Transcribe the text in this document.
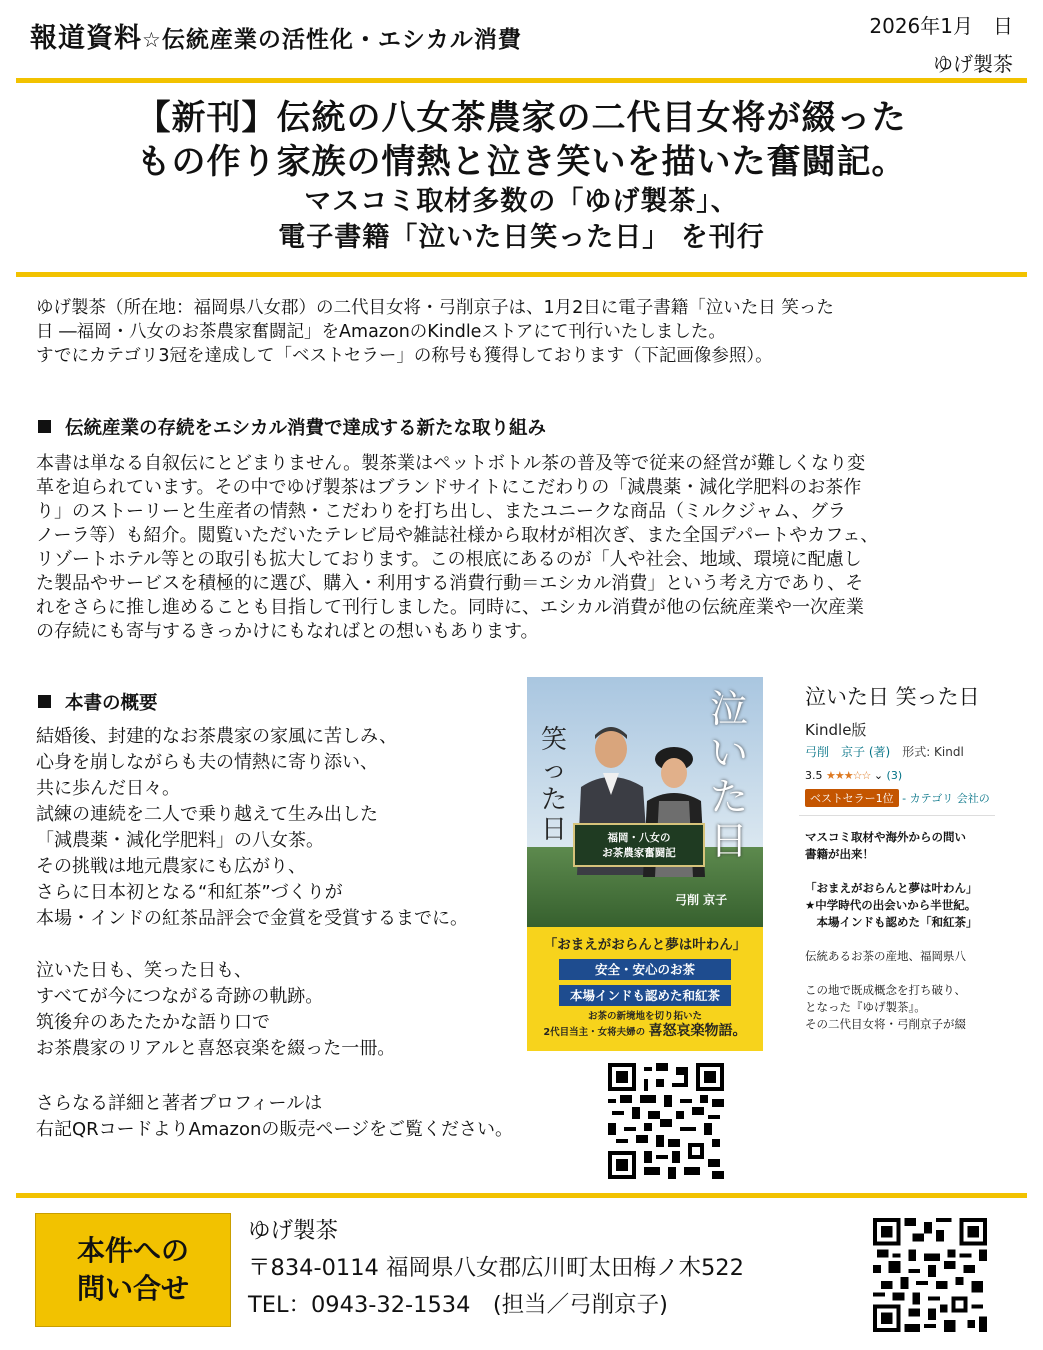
報道資料☆伝統産業の活性化・エシカル消費
2026年1月　日
ゆげ製茶
【新刊】伝統の八女茶農家の二代目女将が綴った
もの作り家族の情熱と泣き笑いを描いた奮闘記。
マスコミ取材多数の「ゆげ製茶」、
電子書籍「泣いた日笑った日」 を刊行

ゆげ製茶（所在地：福岡県八女郡）の二代目女将・弓削京子は、1月2日に電子書籍「泣いた日 笑った

日 ―福岡・八女のお茶農家奮闘記」をAmazonのKindleストアにて刊行いたしました。

すでにカテゴリ3冠を達成して「ベストセラー」の称号も獲得しております（下記画像参照）。

伝統産業の存続をエシカル消費で達成する新たな取り組み

本書は単なる自叙伝にとどまりません。製茶業はペットボトル茶の普及等で従来の経営が難しくなり変

革を迫られています。その中でゆげ製茶はブランドサイトにこだわりの「減農薬・減化学肥料のお茶作

り」のストーリーと生産者の情熱・こだわりを打ち出し、またユニークな商品（ミルクジャム、グラ

ノーラ等）も紹介。閲覧いただいたテレビ局や雑誌社様から取材が相次ぎ、また全国デパートやカフェ、

リゾートホテル等との取引も拡大しております。この根底にあるのが「人や社会、地域、環境に配慮し

た製品やサービスを積極的に選び、購入・利用する消費行動＝エシカル消費」という考え方であり、そ

れをさらに推し進めることも目指して刊行しました。同時に、エシカル消費が他の伝統産業や一次産業

の存続にも寄与するきっかけにもなればとの想いもあります。

本書の概要

結婚後、封建的なお茶農家の家風に苦しみ、

心身を崩しながらも夫の情熱に寄り添い、

共に歩んだ日々。

試練の連続を二人で乗り越えて生み出した

「減農薬・減化学肥料」の八女茶。

その挑戦は地元農家にも広がり、

さらに日本初となる“和紅茶”づくりが

本場・インドの紅茶品評会で金賞を受賞するまでに。

泣いた日も、笑った日も、

すべてが今につながる奇跡の軌跡。

筑後弁のあたたかな語り口で

お茶農家のリアルと喜怒哀楽を綴った一冊。

さらなる詳細と著者プロフィールは

右記QRコードよりAmazonの販売ページをご覧ください。

泣いた日
笑った日	福岡・八女の
お茶農家奮闘記
弓削 京子
「おまえがおらんと夢は叶わん」
安全・安心のお茶
本場インドも認めた和紅茶
お茶の新境地を切り拓いた
2代目当主・女将夫婦の 喜怒哀楽物語。
泣いた日 笑った日
Kindle版
弓削　京子 (著)　 形式: Kindl
3.5 ★★★☆☆ ⌄ (3)
ベストセラー1位 - カテゴリ 会社の

マスコミ取材や海外からの問い

書籍が出来！

「おまえがおらんと夢は叶わん」

★中学時代の出会いから半世紀。

　本場インドも認めた「和紅茶」

伝統あるお茶の産地、福岡県八

この地で既成概念を打ち破り、

となった『ゆげ製茶』。

その二代目女将・弓削京子が綴

本件への
問い合せ
ゆげ製茶
〒834-0114 福岡県八女郡広川町太田梅ノ木522
TEL：0943-32-1534　(担当／弓削京子)
